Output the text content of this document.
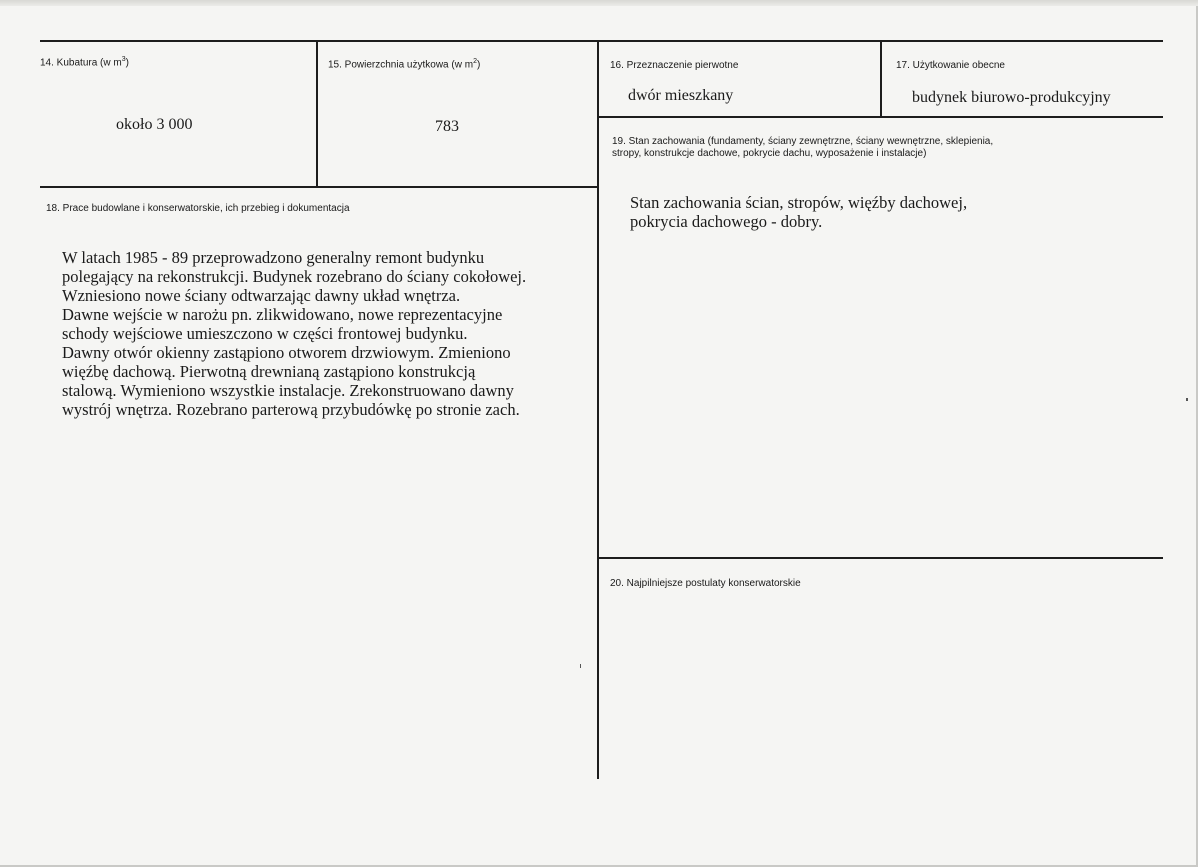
14. Kubatura (w $m^3$)
około 3 000
15. Powierzchnia użytkowa (w $m^2$)
783
16. Przeznaczenie pierwotne
dwór mieszkany
17. Użytkowanie obecne
budynek biurowo-produkcyjny
18. Prace budowlane i konserwatorskie, ich przebieg i dokumentacja
W latach 1985 - 89 przeprowadzono generalny remont budynku
polegający na rekonstrukcji. Budynek rozebrano do ściany cokołowej.
Wzniesiono nowe ściany odtwarzając dawny układ wnętrza.
Dawne wejście w narożu pn. zlikwidowano, nowe reprezentacyjne
schody wejściowe umieszczono w części frontowej budynku.
Dawny otwór okienny zastąpiono otworem drzwiowym. Zmieniono
więźbę dachową. Pierwotną drewnianą zastąpiono konstrukcją
stalową. Wymieniono wszystkie instalacje. Zrekonstruowano dawny
wystrój wnętrza. Rozebrano parterową przybudówkę po stronie zach.
19. Stan zachowania (fundamenty, ściany zewnętrzne, ściany wewnętrzne, sklepienia,
stropy, konstrukcje dachowe, pokrycie dachu, wyposażenie i instalacje)
Stan zachowania ścian, stropów, więźby dachowej,
pokrycia dachowego - dobry.
20. Najpilniejsze postulaty konserwatorskie
